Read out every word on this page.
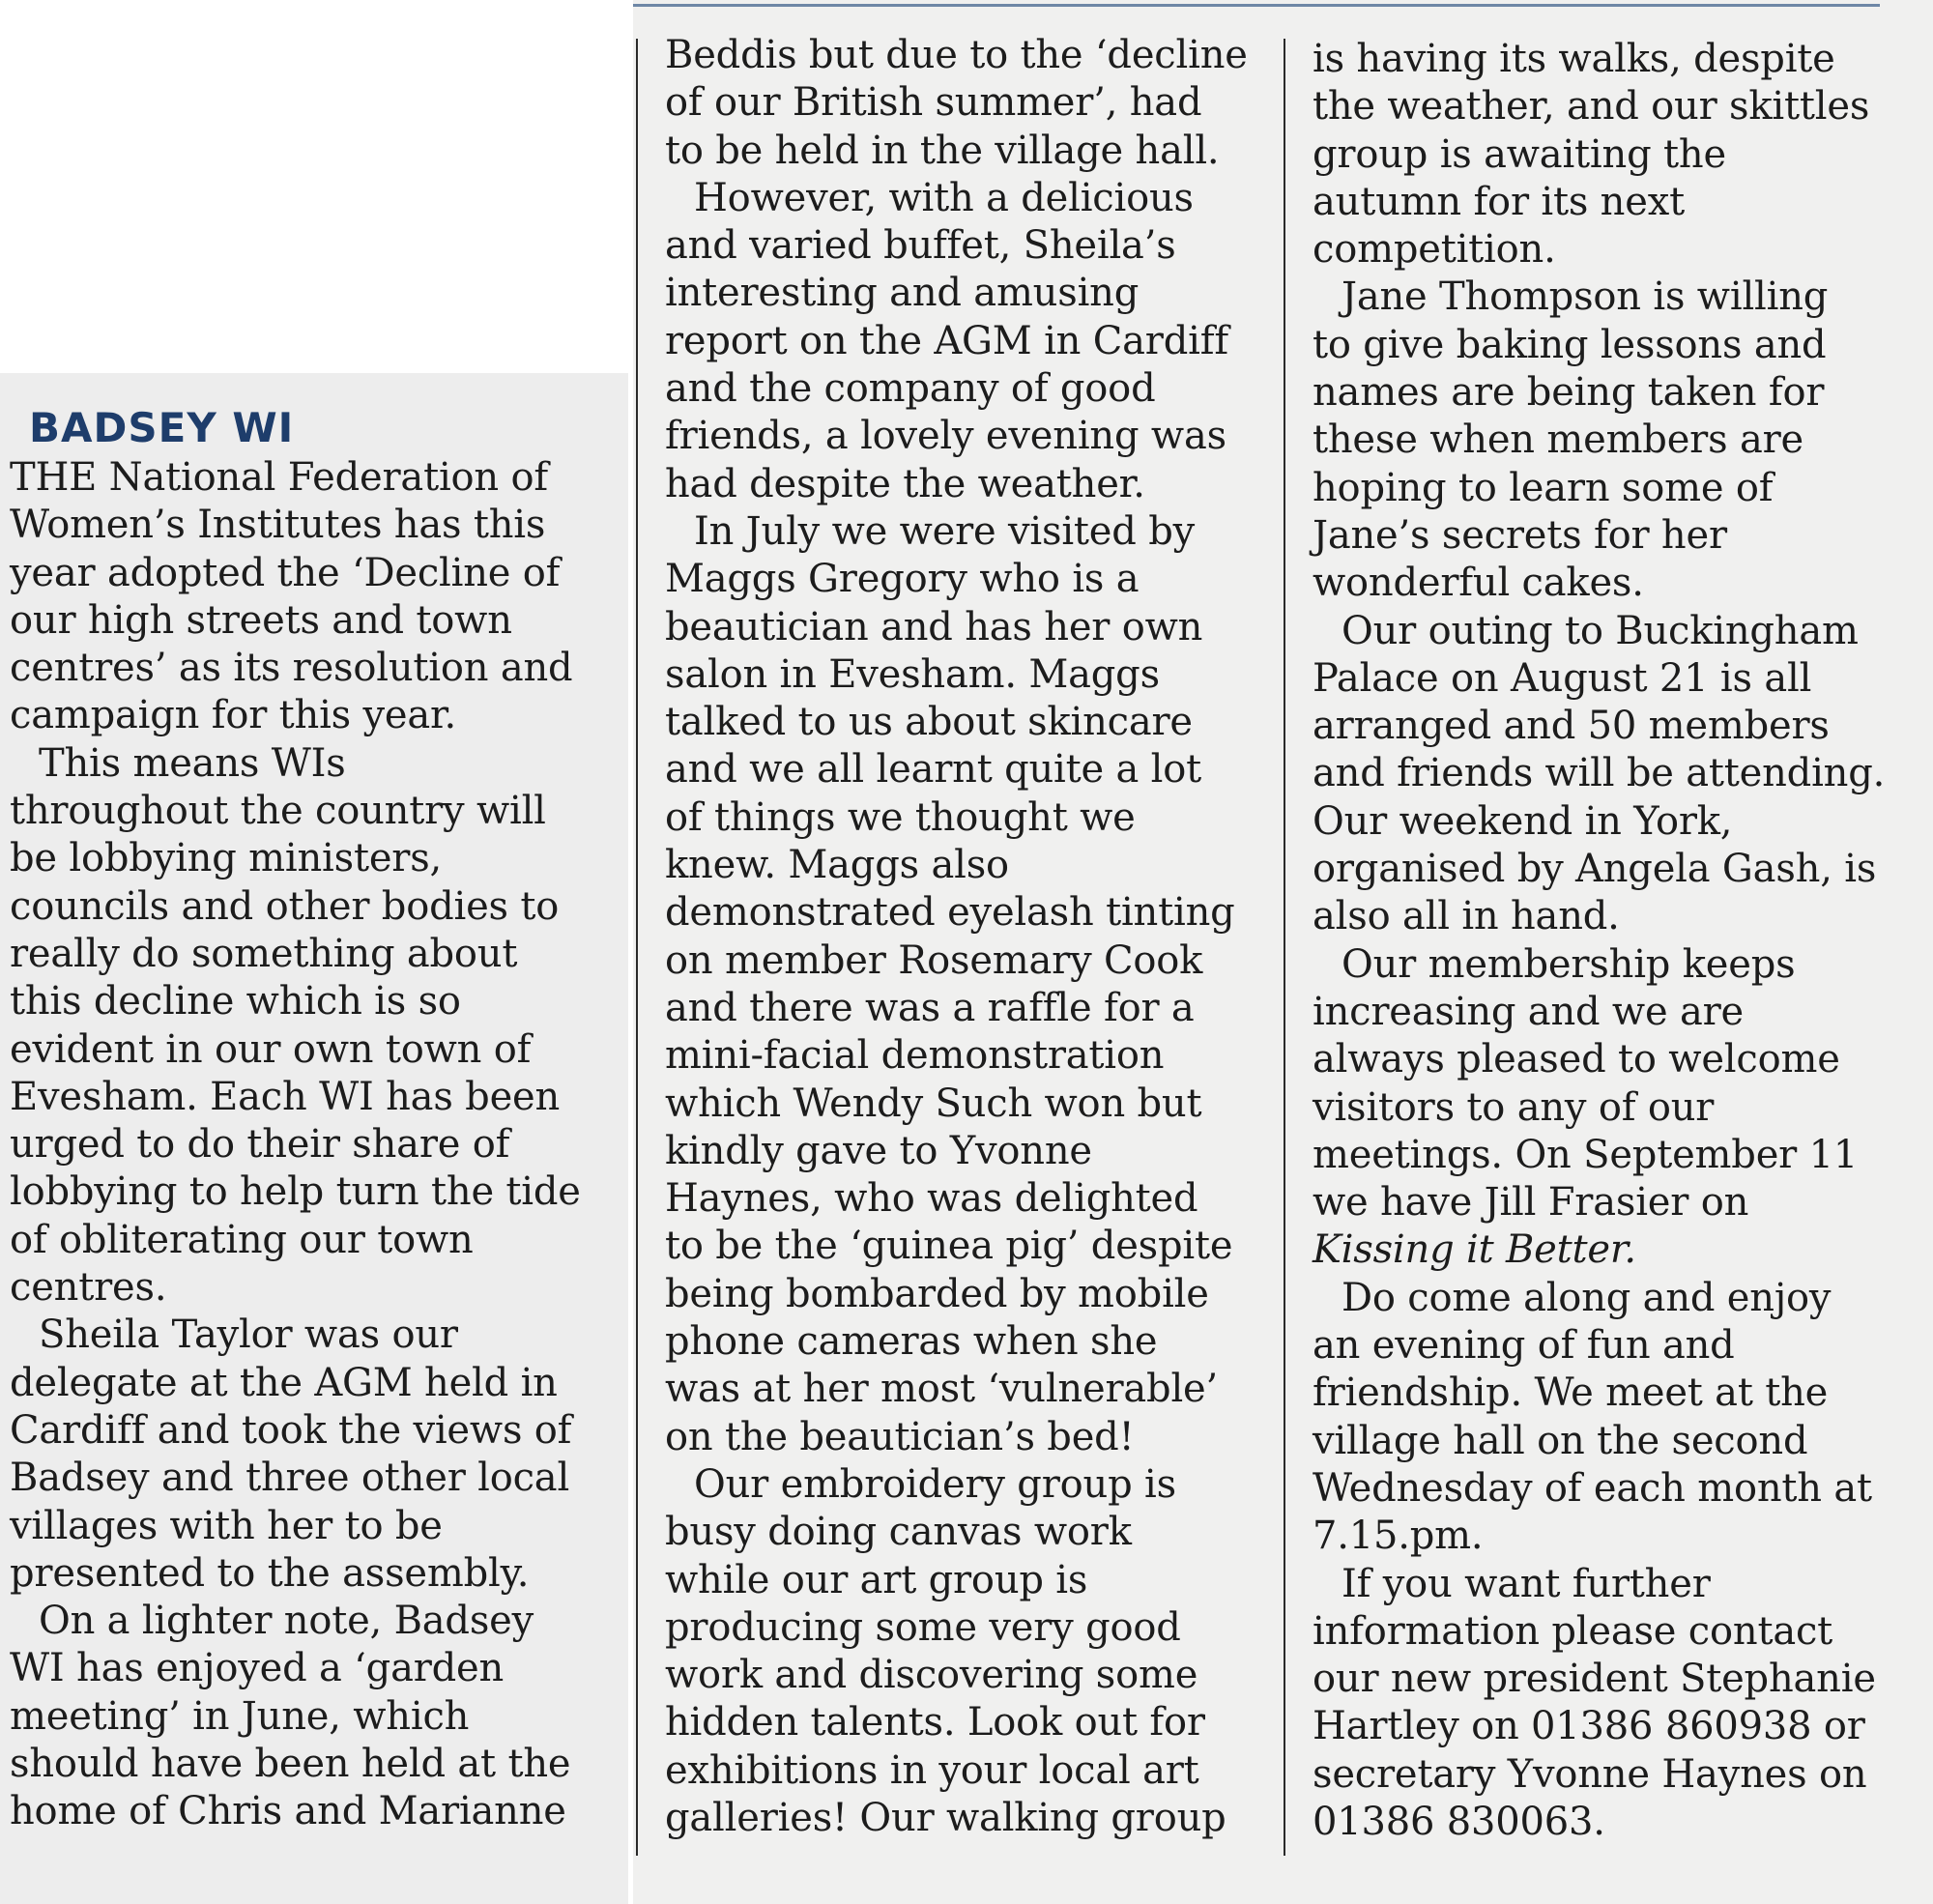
BADSEY WI
THE National Federation of
Women’s Institutes has this
year adopted the ‘Decline of
our high streets and town
centres’ as its resolution and
campaign for this year.
This means WIs
throughout the country will
be lobbying ministers,
councils and other bodies to
really do something about
this decline which is so
evident in our own town of
Evesham. Each WI has been
urged to do their share of
lobbying to help turn the tide
of obliterating our town
centres.
Sheila Taylor was our
delegate at the AGM held in
Cardiff and took the views of
Badsey and three other local
villages with her to be
presented to the assembly.
On a lighter note, Badsey
WI has enjoyed a ‘garden
meeting’ in June, which
should have been held at the
home of Chris and Marianne
Beddis but due to the ‘decline
of our British summer’, had
to be held in the village hall.
However, with a delicious
and varied buffet, Sheila’s
interesting and amusing
report on the AGM in Cardiff
and the company of good
friends, a lovely evening was
had despite the weather.
In July we were visited by
Maggs Gregory who is a
beautician and has her own
salon in Evesham. Maggs
talked to us about skincare
and we all learnt quite a lot
of things we thought we
knew. Maggs also
demonstrated eyelash tinting
on member Rosemary Cook
and there was a raffle for a
mini-facial demonstration
which Wendy Such won but
kindly gave to Yvonne
Haynes, who was delighted
to be the ‘guinea pig’ despite
being bombarded by mobile
phone cameras when she
was at her most ‘vulnerable’
on the beautician’s bed!
Our embroidery group is
busy doing canvas work
while our art group is
producing some very good
work and discovering some
hidden talents. Look out for
exhibitions in your local art
galleries! Our walking group
is having its walks, despite
the weather, and our skittles
group is awaiting the
autumn for its next
competition.
Jane Thompson is willing
to give baking lessons and
names are being taken for
these when members are
hoping to learn some of
Jane’s secrets for her
wonderful cakes.
Our outing to Buckingham
Palace on August 21 is all
arranged and 50 members
and friends will be attending.
Our weekend in York,
organised by Angela Gash, is
also all in hand.
Our membership keeps
increasing and we are
always pleased to welcome
visitors to any of our
meetings. On September 11
we have Jill Frasier on
Kissing it Better.
Do come along and enjoy
an evening of fun and
friendship. We meet at the
village hall on the second
Wednesday of each month at
7.15.pm.
If you want further
information please contact
our new president Stephanie
Hartley on 01386 860938 or
secretary Yvonne Haynes on
01386 830063.
